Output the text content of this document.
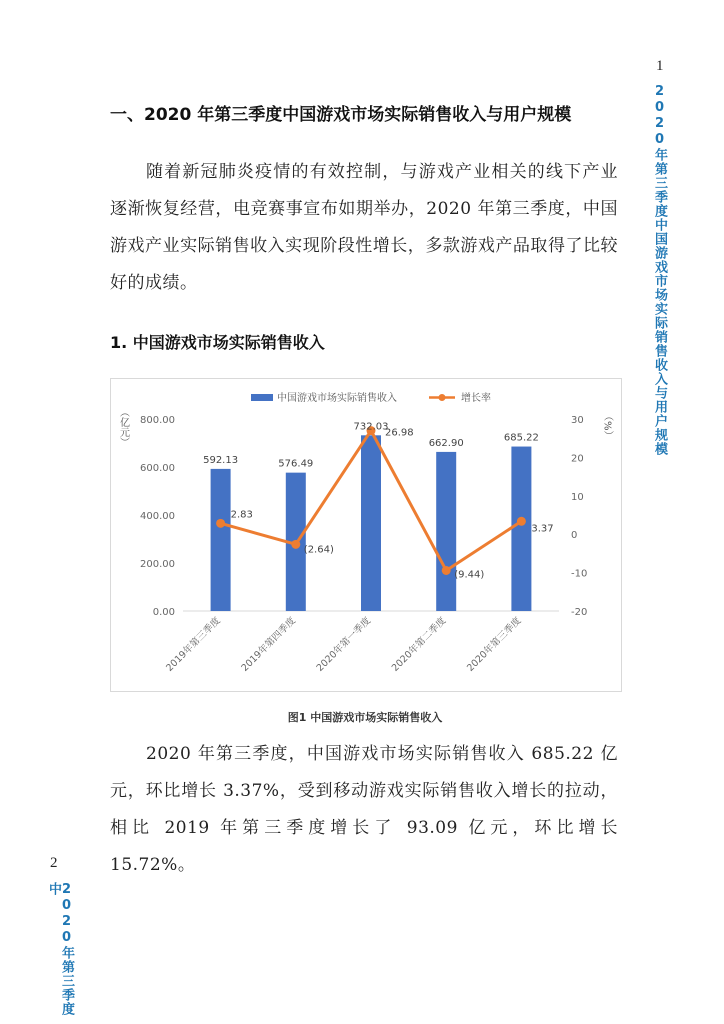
1
2020年第三季度中国游戏市场实际销售收入与用户规模
2
2020年第三季度中
一、2020 年第三季度中国游戏市场实际销售收入与用户规模
随着新冠肺炎疫情的有效控制，与游戏产业相关的线下产业逐渐恢复经营，电竞赛事宣布如期举办，2020 年第三季度，中国游戏产业实际销售收入实现阶段性增长，多款游戏产品取得了比较好的成绩。
1. 中国游戏市场实际销售收入
中国游戏市场实际销售收入	增长率
（亿元）	（%）
0.00
200.00
400.00
600.00
800.00
-20
-10
0
10
20
30
2019年第三季度 2019年第四季度 2020年第一季度 2020年第二季度 2020年第三季度
592.13	576.49
732.03
662.90	685.22
2.83
(2.64)
26.98
(9.44)
3.37
图1 中国游戏市场实际销售收入
2020 年第三季度，中国游戏市场实际销售收入 685.22 亿元，环比增长 3.37%，受到移动游戏实际销售收入增长的拉动，相比 2019 年第三季度增长了 93.09 亿元，环比增长 15.72%。
